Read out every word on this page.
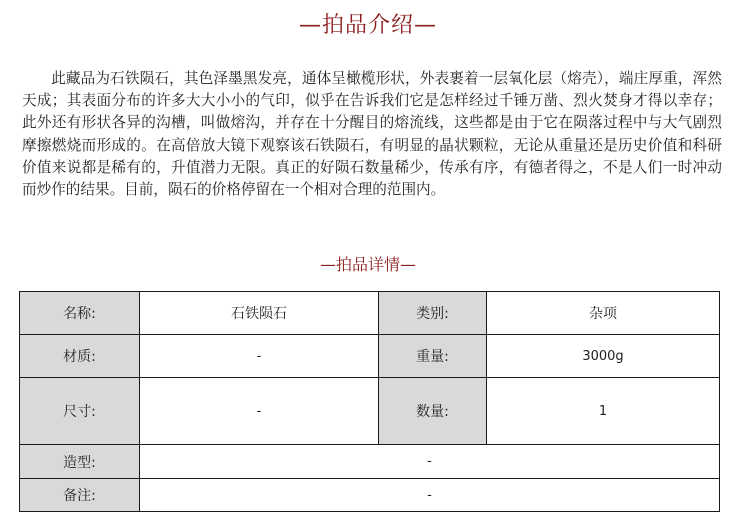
—拍品介绍—
此藏品为石铁陨石，其色泽墨黑发亮，通体呈橄榄形状，外表裹着一层氧化层（熔壳），端庄厚重，浑然天成；其表面分布的许多大大小小的气印，似乎在告诉我们它是怎样经过千锤万凿、烈火焚身才得以幸存；此外还有形状各异的沟槽，叫做熔沟，并存在十分醒目的熔流线，这些都是由于它在陨落过程中与大气剧烈摩擦燃烧而形成的。在高倍放大镜下观察该石铁陨石，有明显的晶状颗粒，无论从重量还是历史价值和科研价值来说都是稀有的，升值潜力无限。真正的好陨石数量稀少，传承有序，有德者得之，不是人们一时冲动而炒作的结果。目前，陨石的价格停留在一个相对合理的范围内。
—拍品详情—
名称:	石铁陨石	类别:	杂项
材质:	-	重量:	3000g
尺寸:	-	数量:	1
造型:	-		
备注:	-		
